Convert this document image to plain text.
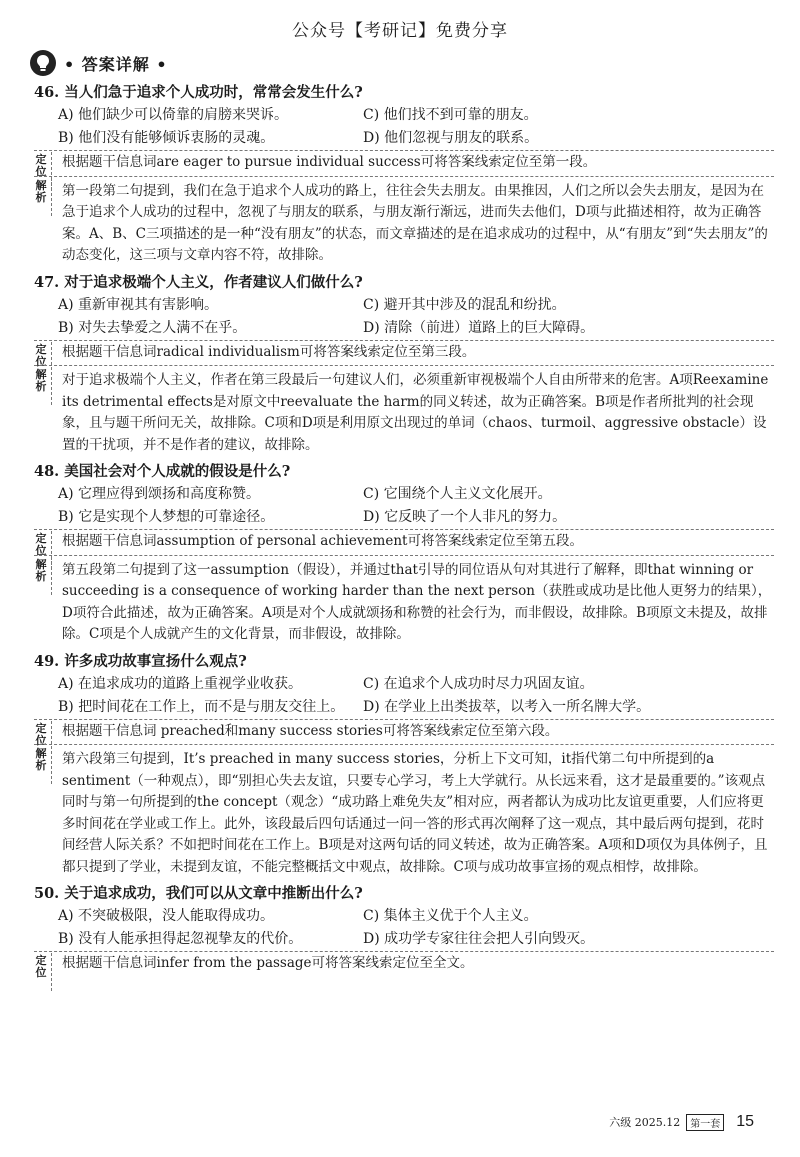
公众号【考研记】免费分享
• 答案详解 •
46. 当人们急于追求个人成功时，常常会发生什么?
A) 他们缺少可以倚靠的肩膀来哭诉。	C) 他们找不到可靠的朋友。
B) 他们没有能够倾诉衷肠的灵魂。	D) 他们忽视与朋友的联系。
定
位
根据题干信息词are eager to pursue individual success可将答案线索定位至第一段。
解
析 第一段第二句提到，我们在急于追求个人成功的路上，往往会失去朋友。由果推因，人们之所以会失去朋友，是因为在急于追求个人成功的过程中，忽视了与朋友的联系，与朋友渐行渐远，进而失去他们，D项与此描述相符，故为正确答案。A、B、C三项描述的是一种“没有朋友”的状态，而文章描述的是在追求成功的过程中，从“有朋友”到“失去朋友”的动态变化，这三项与文章内容不符，故排除。
47. 对于追求极端个人主义，作者建议人们做什么?
A) 重新审视其有害影响。	C) 避开其中涉及的混乱和纷扰。
B) 对失去挚爱之人满不在乎。	D) 清除（前进）道路上的巨大障碍。
定
位
根据题干信息词radical individualism可将答案线索定位至第三段。
解
析 对于追求极端个人主义，作者在第三段最后一句建议人们，必须重新审视极端个人自由所带来的危害。A项Reexamine its detrimental effects是对原文中reevaluate the harm的同义转述，故为正确答案。B项是作者所批判的社会现象，且与题干所问无关，故排除。C项和D项是利用原文出现过的单词（chaos、turmoil、aggressive obstacle）设置的干扰项，并不是作者的建议，故排除。
48. 美国社会对个人成就的假设是什么?
A) 它理应得到颂扬和高度称赞。	C) 它围绕个人主义文化展开。
B) 它是实现个人梦想的可靠途径。	D) 它反映了一个人非凡的努力。
定
位
根据题干信息词assumption of personal achievement可将答案线索定位至第五段。
解
析 第五段第二句提到了这一assumption（假设），并通过that引导的同位语从句对其进行了解释，即that winning or succeeding is a consequence of working harder than the next person（获胜或成功是比他人更努力的结果），D项符合此描述，故为正确答案。A项是对个人成就颂扬和称赞的社会行为，而非假设，故排除。B项原文未提及，故排除。C项是个人成就产生的文化背景，而非假设，故排除。
49. 许多成功故事宣扬什么观点?
A) 在追求成功的道路上重视学业收获。	C) 在追求个人成功时尽力巩固友谊。
B) 把时间花在工作上，而不是与朋友交往上。	D) 在学业上出类拔萃，以考入一所名牌大学。
定
位
根据题干信息词 preached和many success stories可将答案线索定位至第六段。
解
析 第六段第三句提到，It’s preached in many success stories，分析上下文可知，it指代第二句中所提到的a sentiment（一种观点），即“别担心失去友谊，只要专心学习，考上大学就行。从长远来看，这才是最重要的。”该观点同时与第一句所提到的the concept（观念）“成功路上难免失友”相对应，两者都认为成功比友谊更重要，人们应将更多时间花在学业或工作上。此外，该段最后四句话通过一问一答的形式再次阐释了这一观点，其中最后两句提到，花时间经营人际关系？不如把时间花在工作上。B项是对这两句话的同义转述，故为正确答案。A项和D项仅为具体例子，且都只提到了学业，未提到友谊，不能完整概括文中观点，故排除。C项与成功故事宣扬的观点相悖，故排除。
50. 关于追求成功，我们可以从文章中推断出什么?
A) 不突破极限，没人能取得成功。	C) 集体主义优于个人主义。
B) 没有人能承担得起忽视挚友的代价。	D) 成功学专家往往会把人引向毁灭。
定
位
根据题干信息词infer from the passage可将答案线索定位至全文。
六级 2025.12	第一套 15
